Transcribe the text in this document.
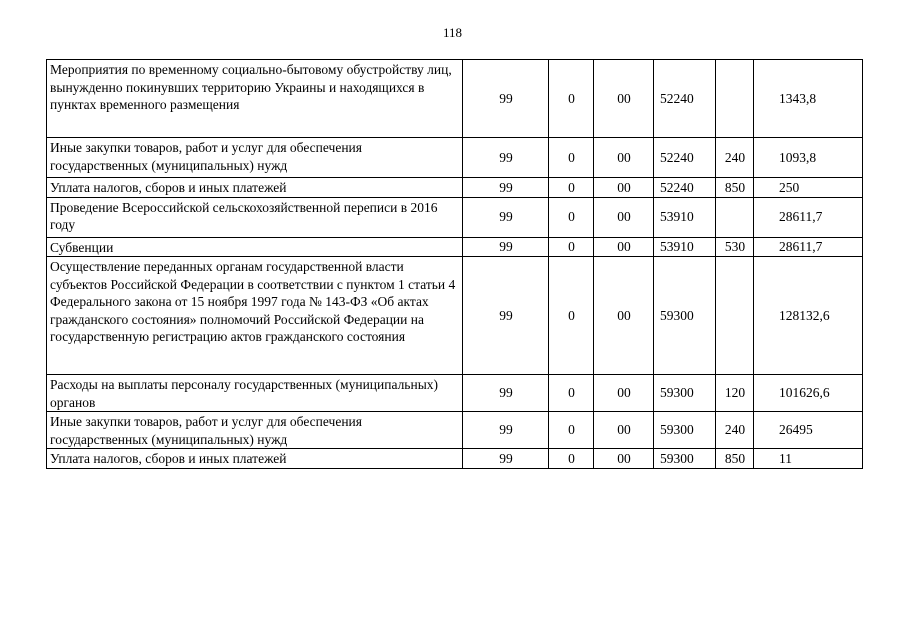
118
Мероприятия по временному социально-бытовому обустройству лиц, вынужденно покинувших территорию Украины и находящихся в пунктах временного размещения	99	0	00	52240		1343,8
Иные закупки товаров, работ и услуг для обеспечения государственных (муниципальных) нужд	99	0	00	52240	240	1093,8
Уплата налогов, сборов и иных платежей	99	0	00	52240	850	250
Проведение Всероссийской сельскохозяйственной переписи в 2016 году	99	0	00	53910		28611,7
Субвенции	99	0	00	53910	530	28611,7
Осуществление переданных органам государственной власти субъектов Российской Федерации в соответствии с пунктом 1 статьи 4 Федерального закона от 15 ноября 1997 года № 143-ФЗ «Об актах гражданского состояния» полномочий Российской Федерации на государственную регистрацию актов гражданского состояния	99	0	00	59300		128132,6
Расходы на выплаты персоналу государственных (муниципальных) органов	99	0	00	59300	120	101626,6
Иные закупки товаров, работ и услуг для обеспечения государственных (муниципальных) нужд	99	0	00	59300	240	26495
Уплата налогов, сборов и иных платежей	99	0	00	59300	850	11
